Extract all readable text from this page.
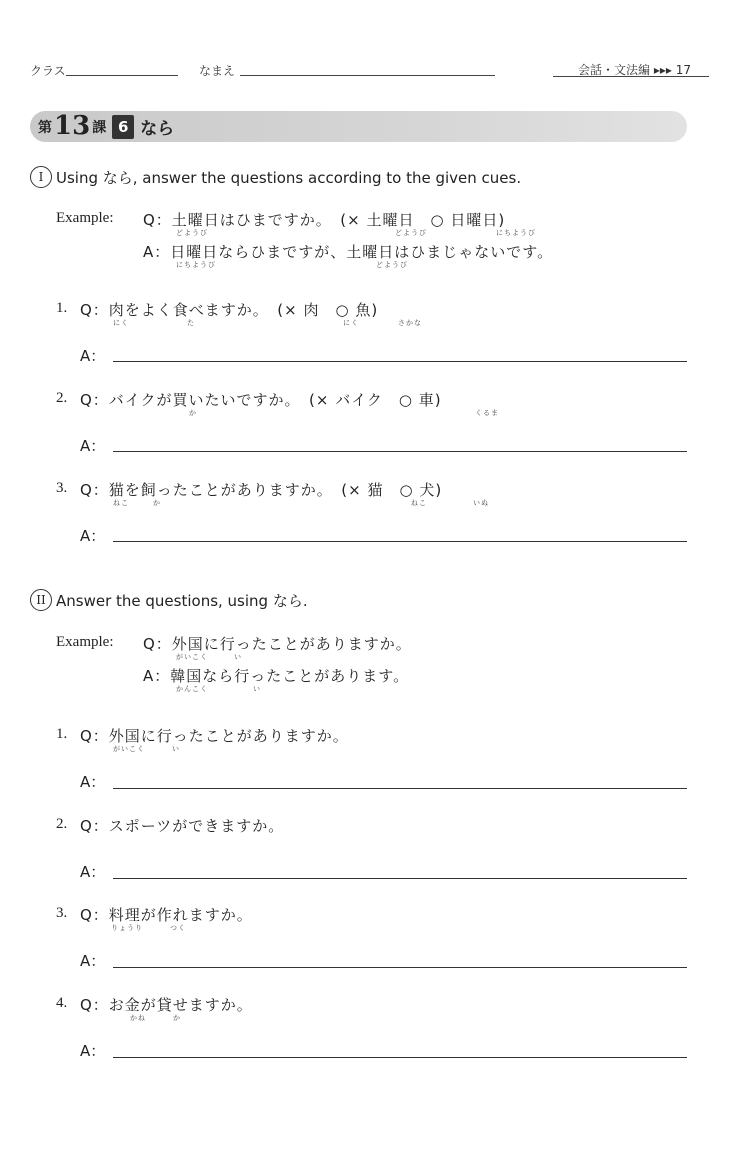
クラス	なまえ	会話・文法編 ▸▸▸ 17
第 13 課 6 なら
I Using なら, answer the questions according to the given cues.
Example: Q：土曜日はひまですか。　(× 土曜日　○ 日曜日)
どようび	どようび	にちようび
A：日曜日ならひまですが、土曜日はひまじゃないです。
にちようび	どようび
1. Q：肉をよく食べますか。　(× 肉　○ 魚)
にく	た	にく	さかな
A：
2. Q：バイクが買いたいですか。　(× バイク　○ 車)
か	くるま
A：
3. Q：猫を飼ったことがありますか。　(× 猫　○ 犬)
ねこ	か	ねこ	いぬ
A：
II Answer the questions, using なら.
Example: Q：外国に行ったことがありますか。
がいこく	い
A：韓国なら行ったことがあります。
かんこく	い
1. Q：外国に行ったことがありますか。
がいこく	い
A：
2. Q：スポーツができますか。
A：
3. Q：料理が作れますか。
りょうり	つく
A：
4. Q：お金が貸せますか。
かね	か
A：
